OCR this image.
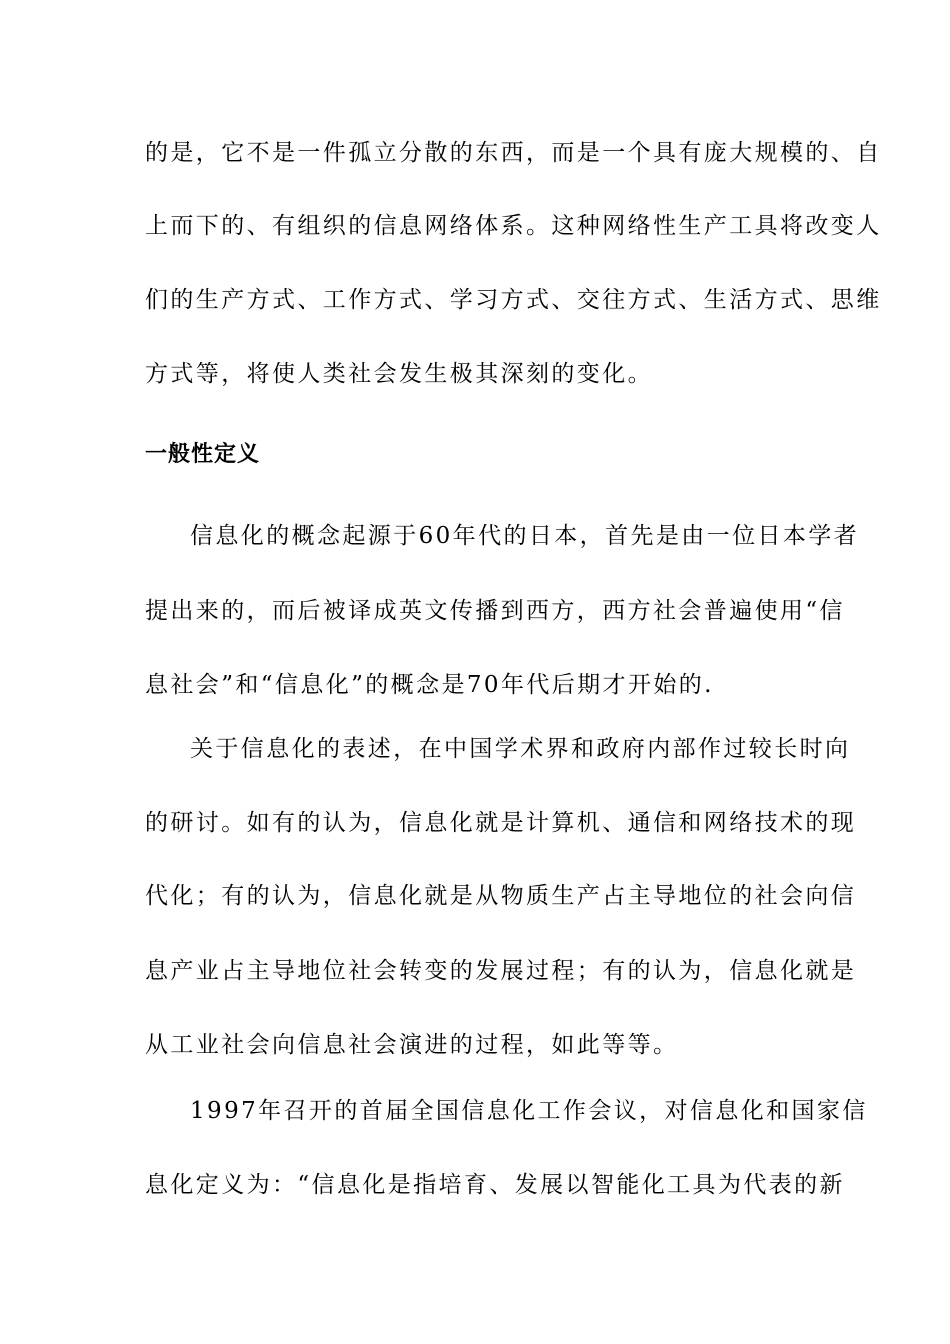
的是，它不是一件孤立分散的东西，而是一个具有庞大规模的、自
上而下的、有组织的信息网络体系。这种网络性生产工具将改变人
们的生产方式、工作方式、学习方式、交往方式、生活方式、思维
方式等，将使人类社会发生极其深刻的变化。
一般性定义
信息化的概念起源于60年代的日本，首先是由一位日本学者
提出来的，而后被译成英文传播到西方，西方社会普遍使用“信
息社会”和“信息化”的概念是70年代后期才开始的.
关于信息化的表述，在中国学术界和政府内部作过较长时向
的研讨。如有的认为，信息化就是计算机、通信和网络技术的现
代化；有的认为，信息化就是从物质生产占主导地位的社会向信
息产业占主导地位社会转变的发展过程；有的认为，信息化就是
从工业社会向信息社会演进的过程，如此等等。
1997年召开的首届全国信息化工作会议，对信息化和国家信
息化定义为：“信息化是指培育、发展以智能化工具为代表的新
